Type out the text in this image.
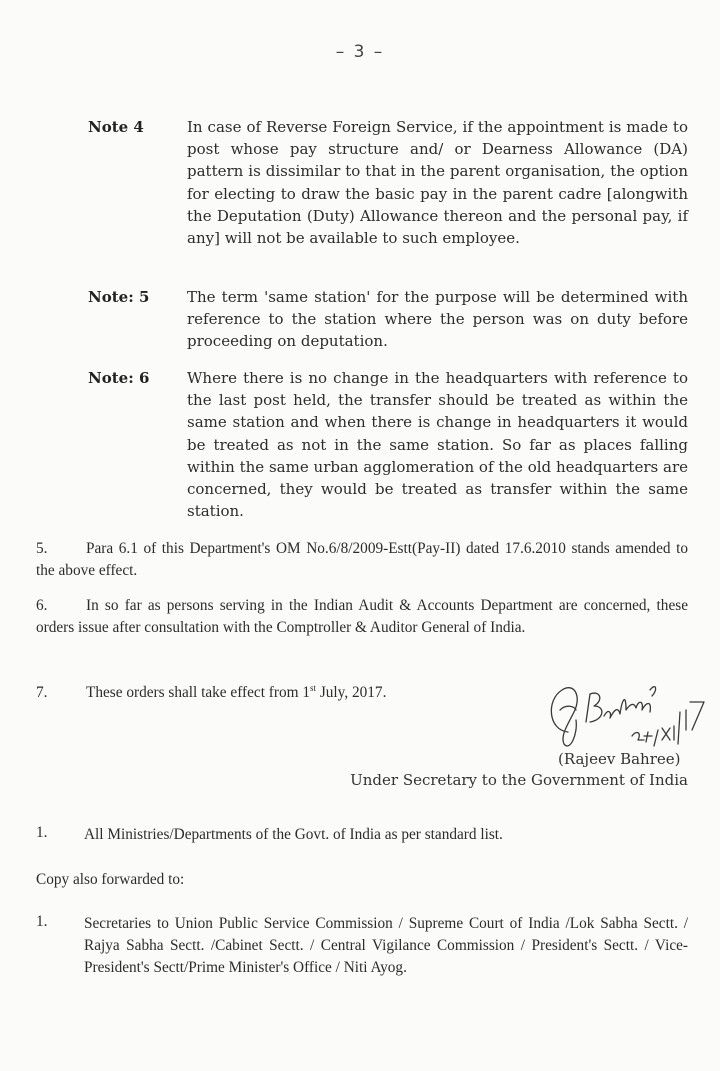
– 3 –
Note 4	In case of Reverse Foreign Service, if the appointment is made to post whose pay structure and/ or Dearness Allowance (DA) pattern is dissimilar to that in the parent organisation, the option for electing to draw the basic pay in the parent cadre [alongwith the Deputation (Duty) Allowance thereon and the personal pay, if any] will not be available to such employee.
Note: 5	The term 'same station' for the purpose will be determined with reference to the station where the person was on duty before proceeding on deputation.
Note: 6	Where there is no change in the headquarters with reference to the last post held, the transfer should be treated as within the same station and when there is change in headquarters it would be treated as not in the same station. So far as places falling within the same urban agglomeration of the old headquarters are concerned, they would be treated as transfer within the same station.
5.	Para 6.1 of this Department's OM No.6/8/2009-Estt(Pay-II) dated 17.6.2010 stands amended to the above effect.
6.	In so far as persons serving in the Indian Audit & Accounts Department are concerned, these orders issue after consultation with the Comptroller & Auditor General of India.
7.	These orders shall take effect from 1st July, 2017.
(Rajeev Bahree)
Under Secretary to the Government of India
1. All Ministries/Departments of the Govt. of India as per standard list.
Copy also forwarded to:
1. Secretaries to Union Public Service Commission / Supreme Court of India /Lok Sabha Sectt. / Rajya Sabha Sectt. /Cabinet Sectt. / Central Vigilance Commission / President's Sectt. / Vice-President's Sectt/Prime Minister's Office / Niti Ayog.
